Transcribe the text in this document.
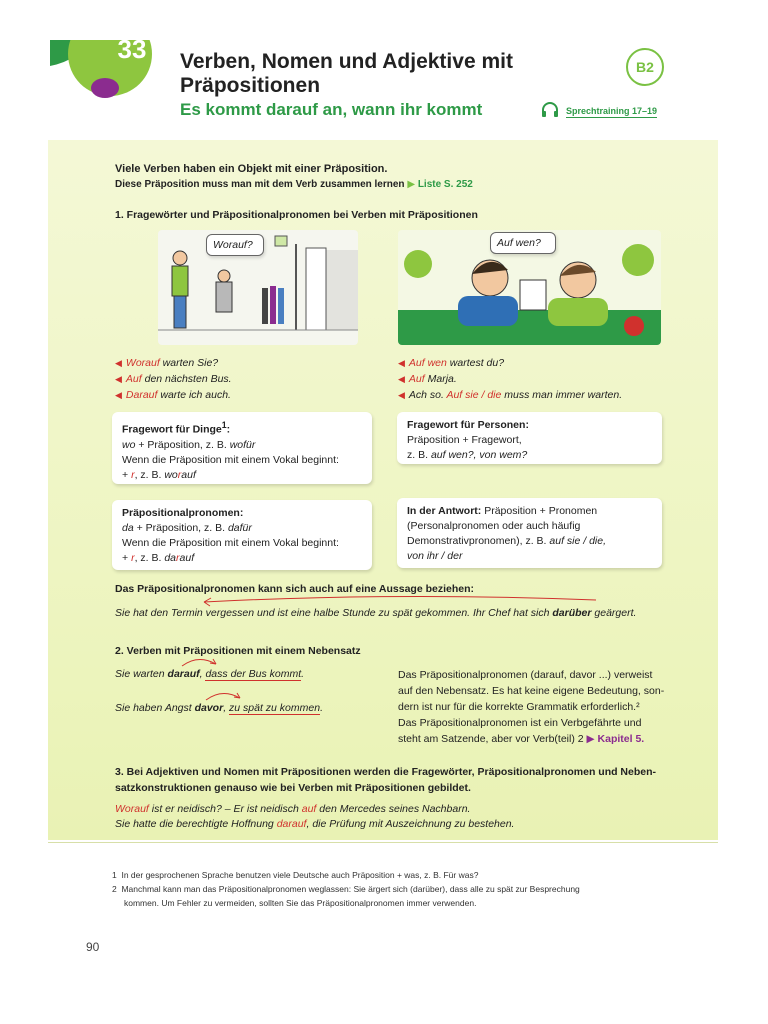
33 Verben, Nomen und Adjektive mit
Präpositionen
Es kommt darauf an, wann ihr kommt
B2
Sprechtraining 17–19
Viele Verben haben ein Objekt mit einer Präposition.
Diese Präposition muss man mit dem Verb zusammen lernen ▶ Liste S. 252
1. Fragewörter und Präpositionalpronomen bei Verben mit Präpositionen
Worauf?	Auf wen?
◀ Worauf warten Sie?
◀ Auf den nächsten Bus.
◀ Darauf warte ich auch.
◀ Auf wen wartest du?
◀ Auf Marja.
◀ Ach so. Auf sie / die muss man immer warten.
Fragewort für Dinge$^1$:
wo + Präposition, z. B. wofür
Wenn die Präposition mit einem Vokal beginnt:
+ r, z. B. worauf
Fragewort für Personen:
Präposition + Fragewort,
z. B. auf wen?, von wem?
Präpositionalpronomen:
da + Präposition, z. B. dafür
Wenn die Präposition mit einem Vokal beginnt:
+ r, z. B. darauf
In der Antwort: Präposition + Pronomen
(Personalpronomen oder auch häufig
Demonstrativpronomen), z. B. auf sie / die,
von ihr / der
Das Präpositionalpronomen kann sich auch auf eine Aussage beziehen:
Sie hat den Termin vergessen und ist eine halbe Stunde zu spät gekommen. Ihr Chef hat sich darüber geärgert.
2. Verben mit Präpositionen mit einem Nebensatz
Sie warten darauf, dass der Bus kommt.
Sie haben Angst davor, zu spät zu kommen.
Das Präpositionalpronomen (darauf, davor ...) verweist
auf den Nebensatz. Es hat keine eigene Bedeutung, son-
dern ist nur für die korrekte Grammatik erforderlich.²
Das Präpositionalpronomen ist ein Verbgefährte und
steht am Satzende, aber vor Verb(teil) 2 ▶ Kapitel 5.
3. Bei Adjektiven und Nomen mit Präpositionen werden die Fragewörter, Präpositionalpronomen und Neben-
satzkonstruktionen genauso wie bei Verben mit Präpositionen gebildet.
Worauf ist er neidisch? – Er ist neidisch auf den Mercedes seines Nachbarn.
Sie hatte die berechtigte Hoffnung darauf, die Prüfung mit Auszeichnung zu bestehen.
1 In der gesprochenen Sprache benutzen viele Deutsche auch Präposition + was, z. B. Für was?
2 Manchmal kann man das Präpositionalpronomen weglassen: Sie ärgert sich (darüber), dass alle zu spät zur Besprechung
kommen. Um Fehler zu vermeiden, sollten Sie das Präpositionalpronomen immer verwenden.
90
